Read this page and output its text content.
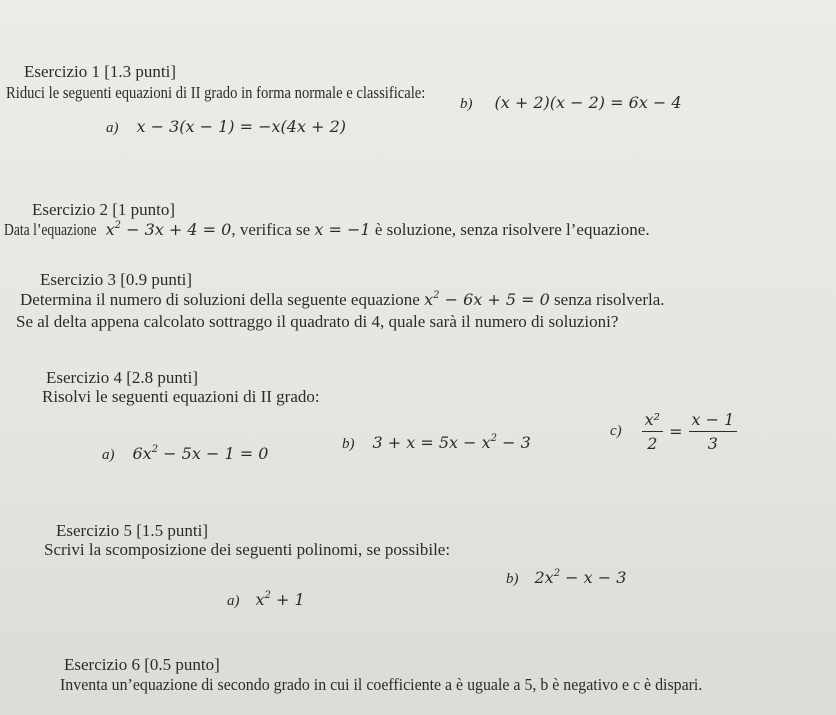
Esercizio 1 [1.3 punti]
Riduci le seguenti equazioni di II grado in forma normale e classificale:
a) x − 3(x − 1) = −x(4x + 2)
b) (x + 2)(x − 2) = 6x − 4
Esercizio 2 [1 punto]
Data l’equazione $x^2 - 3x + 4 = 0$, verifica se x = −1 è soluzione, senza risolvere l’equazione.
Esercizio 3 [0.9 punti]
Determina il numero di soluzioni della seguente equazione $x^2 - 6x + 5 = 0$ senza risolverla.
Se al delta appena calcolato sottraggo il quadrato di 4, quale sarà il numero di soluzioni?
Esercizio 4 [2.8 punti]
Risolvi le seguenti equazioni di II grado:
a) $6x^2 - 5x - 1 = 0$	b) $3 + x = 5x - x^2 - 3$
$c) \frac{\text{x²}}{2} = \frac{x - 1}{3}$
Esercizio 5 [1.5 punti]
Scrivi la scomposizione dei seguenti polinomi, se possibile:
a) $x^2 + 1$
b) $2x^2 - x - 3$
Esercizio 6 [0.5 punto]
Inventa un’equazione di secondo grado in cui il coefficiente a è uguale a 5, b è negativo e c è dispari.
